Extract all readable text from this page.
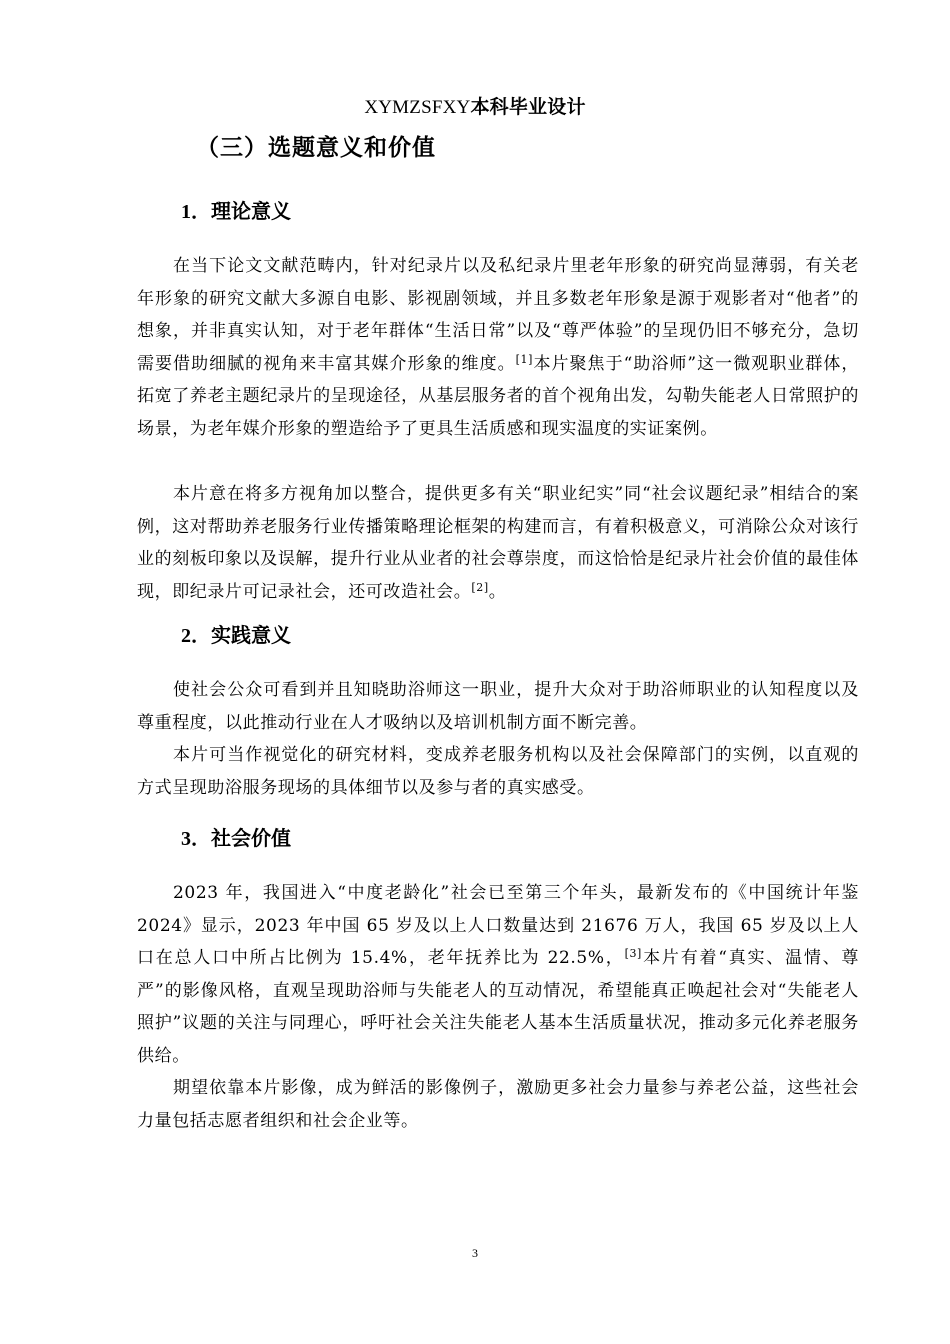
XYMZSFXY本科毕业设计
（三）选题意义和价值
1．理论意义

在当下论文文献范畴内，针对纪录片以及私纪录片里老年形象的研究尚显薄弱，有关老年形象的研究文献大多源自电影、影视剧领域，并且多数老年形象是源于观影者对“他者”的想象，并非真实认知，对于老年群体“生活日常”以及“尊严体验”的呈现仍旧不够充分，急切需要借助细腻的视角来丰富其媒介形象的维度。[1]本片聚焦于“助浴师”这一微观职业群体，拓宽了养老主题纪录片的呈现途径，从基层服务者的首个视角出发，勾勒失能老人日常照护的场景，为老年媒介形象的塑造给予了更具生活质感和现实温度的实证案例。

本片意在将多方视角加以整合，提供更多有关“职业纪实”同“社会议题纪录”相结合的案例，这对帮助养老服务行业传播策略理论框架的构建而言，有着积极意义，可消除公众对该行业的刻板印象以及误解，提升行业从业者的社会尊崇度，而这恰恰是纪录片社会价值的最佳体现，即纪录片可记录社会，还可改造社会。[2]。

2．实践意义

使社会公众可看到并且知晓助浴师这一职业，提升大众对于助浴师职业的认知程度以及尊重程度，以此推动行业在人才吸纳以及培训机制方面不断完善。

本片可当作视觉化的研究材料，变成养老服务机构以及社会保障部门的实例，以直观的方式呈现助浴服务现场的具体细节以及参与者的真实感受。

3．社会价值

2023 年，我国进入“中度老龄化”社会已至第三个年头，最新发布的《中国统计年鉴 2024》显示，2023 年中国 65 岁及以上人口数量达到 21676 万人，我国 65 岁及以上人口在总人口中所占比例为 15.4%，老年抚养比为 22.5%，[3]本片有着“真实、温情、尊严”的影像风格，直观呈现助浴师与失能老人的互动情况，希望能真正唤起社会对“失能老人照护”议题的关注与同理心，呼吁社会关注失能老人基本生活质量状况，推动多元化养老服务供给。

期望依靠本片影像，成为鲜活的影像例子，激励更多社会力量参与养老公益，这些社会力量包括志愿者组织和社会企业等。

3
